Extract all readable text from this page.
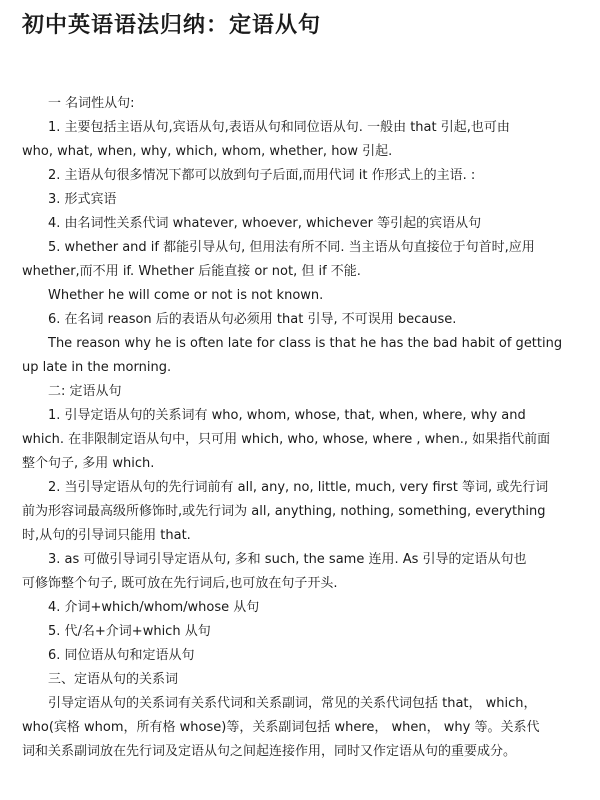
初中英语语法归纳：定语从句
一 名词性从句:
1. 主要包括主语从句,宾语从句,表语从句和同位语从句. 一般由 that 引起,也可由
who, what, when, why, which, whom, whether, how 引起.
2. 主语从句很多情况下都可以放到句子后面,而用代词 it 作形式上的主语. :
3. 形式宾语
4. 由名词性关系代词 whatever, whoever, whichever 等引起的宾语从句
5. whether and if 都能引导从句, 但用法有所不同. 当主语从句直接位于句首时,应用
whether,而不用 if. Whether 后能直接 or not, 但 if 不能.
Whether he will come or not is not known.
6. 在名词 reason 后的表语从句必须用 that 引导, 不可误用 because.
The reason why he is often late for class is that he has the bad habit of getting
up late in the morning.
二: 定语从句
1. 引导定语从句的关系词有 who, whom, whose, that, when, where, why and
which. 在非限制定语从句中，只可用 which, who, whose, where , when., 如果指代前面
整个句子, 多用 which.
2. 当引导定语从句的先行词前有 all, any, no, little, much, very first 等词, 或先行词
前为形容词最高级所修饰时,或先行词为 all, anything, nothing, something, everything
时,从句的引导词只能用 that.
3. as 可做引导词引导定语从句, 多和 such, the same 连用. As 引导的定语从句也
可修饰整个句子, 既可放在先行词后,也可放在句子开头.
4. 介词+which/whom/whose 从句
5. 代/名+介词+which 从句
6. 同位语从句和定语从句
三、定语从句的关系词
引导定语从句的关系词有关系代词和关系副词，常见的关系代词包括 that， which，
who(宾格 whom，所有格 whose)等，关系副词包括 where， when， why 等。关系代
词和关系副词放在先行词及定语从句之间起连接作用，同时又作定语从句的重要成分。
